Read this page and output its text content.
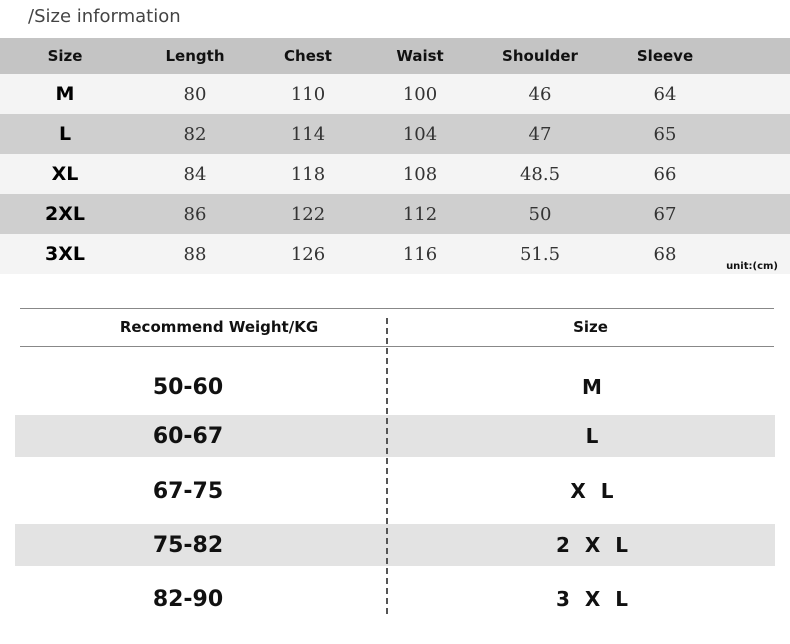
/Size information
Size	Length	Chest	Waist	Shoulder	Sleeve
M	80	110	100	46	64
L	82	114	104	47	65
XL	84	118	108	48.5	66
2XL	86	122	112	50	67
3XL	88	126	116	51.5	68
unit:(cm)
Recommend Weight/KG	Size
50-60	M
60-67	L
67-75	X L
75-82	2 X L
82-90	3 X L
